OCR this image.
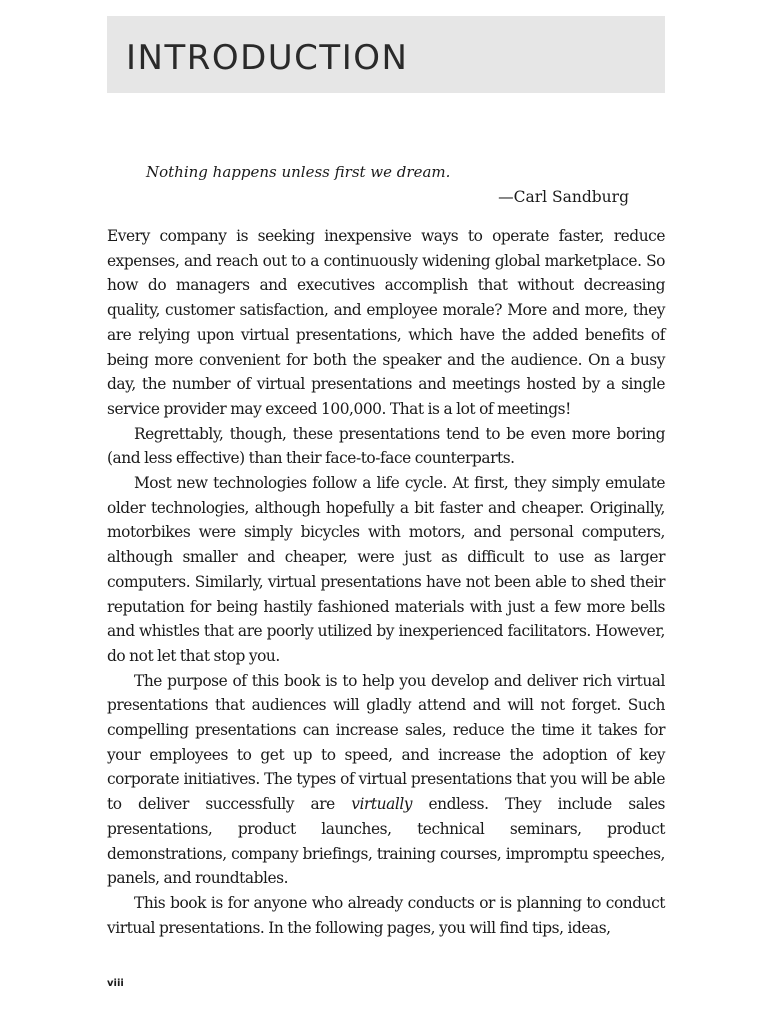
INTRODUCTION
Nothing happens unless first we dream.
—Carl Sandburg

Every company is seeking inexpensive ways to operate faster, reduce expenses, and reach out to a continuously widening global marketplace. So how do managers and executives accomplish that without decreasing quality, customer satisfaction, and employee morale? More and more, they are relying upon virtual presentations, which have the added benefits of being more convenient for both the speaker and the audience. On a busy day, the number of virtual presentations and meetings hosted by a single service provider may exceed 100,000. That is a lot of meetings!

Regrettably, though, these presentations tend to be even more boring (and less effective) than their face-to-face counterparts.

Most new technologies follow a life cycle. At first, they simply emulate older technologies, although hopefully a bit faster and cheaper. Originally, motorbikes were simply bicycles with motors, and personal computers, although smaller and cheaper, were just as difficult to use as larger computers. Similarly, virtual presentations have not been able to shed their reputation for being hastily fashioned materials with just a few more bells and whistles that are poorly utilized by inexperienced facilitators. However, do not let that stop you.

The purpose of this book is to help you develop and deliver rich virtual presentations that audiences will gladly attend and will not forget. Such compelling presentations can increase sales, reduce the time it takes for your employees to get up to speed, and increase the adoption of key corporate initiatives. The types of virtual presentations that you will be able to deliver successfully are virtually endless. They include sales presentations, product launches, technical seminars, product demonstrations, company briefings, training courses, impromptu speeches, panels, and roundtables.

This book is for anyone who already conducts or is planning to conduct virtual presentations. In the following pages, you will find tips, ideas,

viii
